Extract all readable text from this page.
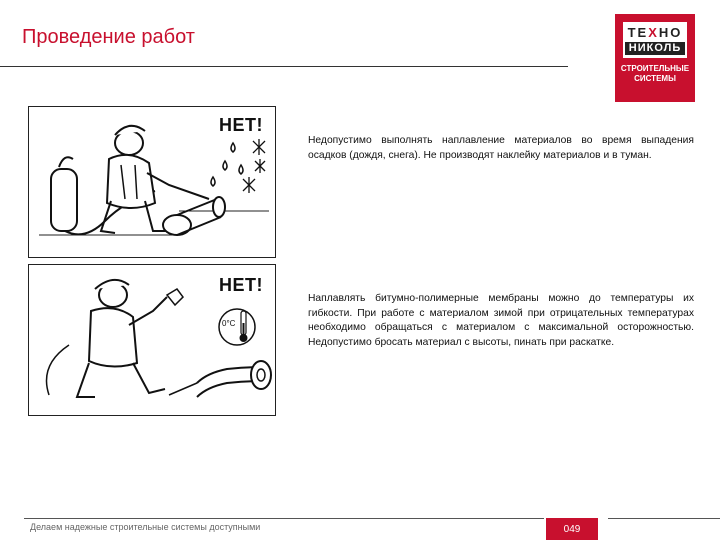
Проведение работ	ТЕХНО
НИКОЛЬ
СТРОИТЕЛЬНЫЕ
СИСТЕМЫ
НЕТ!
НЕТ!
0°С
Недопустимо выполнять наплавление материалов во время выпадения осадков (дождя, снега). Не производят наклейку материалов и в туман.
Наплавлять битумно-полимерные мембраны можно до температуры их гибкости. При работе с материалом зимой при отрицательных температурах необходимо обращаться с материалом с максимальной осторожностью. Недопустимо бросать материал с высоты, пинать при раскатке.
Делаем надежные строительные системы доступными	049
